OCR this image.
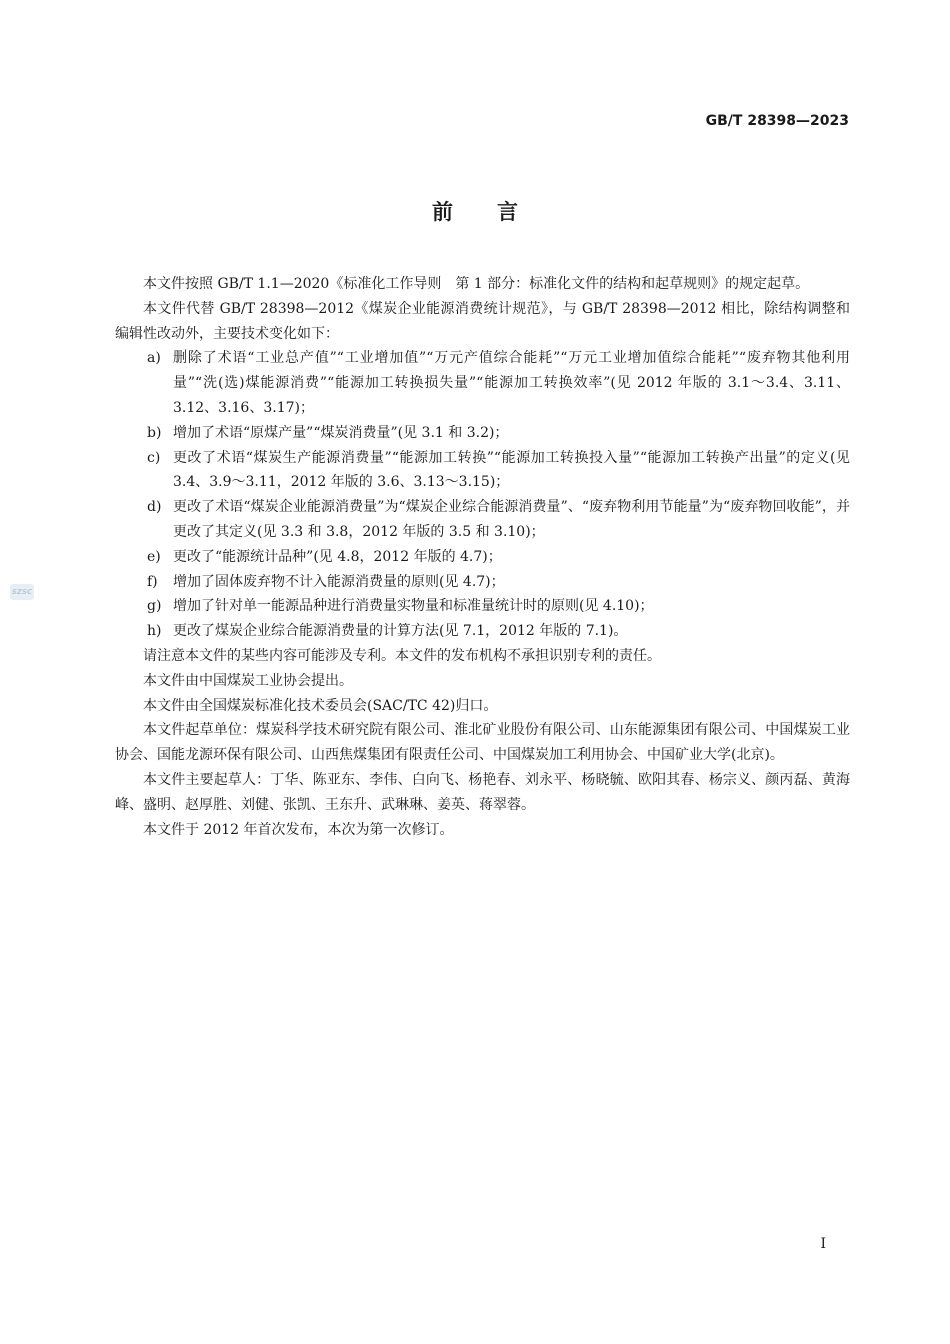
GB/T 28398—2023
前 言
SZSC

本文件按照 GB/T 1.1—2020《标准化工作导则　第 1 部分：标准化文件的结构和起草规则》的规定起草。

本文件代替 GB/T 28398—2012《煤炭企业能源消费统计规范》，与 GB/T 28398—2012 相比，除结构调整和编辑性改动外，主要技术变化如下：

a) 删除了术语“工业总产值”“工业增加值”“万元产值综合能耗”“万元工业增加值综合能耗”“废弃物其他利用量”“洗(选)煤能源消费”“能源加工转换损失量”“能源加工转换效率”(见 2012 年版的 3.1～3.4、3.11、3.12、3.16、3.17)；
b) 增加了术语“原煤产量”“煤炭消费量”(见 3.1 和 3.2)；
c) 更改了术语“煤炭生产能源消费量”“能源加工转换”“能源加工转换投入量”“能源加工转换产出量”的定义(见 3.4、3.9～3.11，2012 年版的 3.6、3.13～3.15)；
d) 更改了术语“煤炭企业能源消费量”为“煤炭企业综合能源消费量”、“废弃物利用节能量”为“废弃物回收能”，并更改了其定义(见 3.3 和 3.8，2012 年版的 3.5 和 3.10)；
e) 更改了“能源统计品种”(见 4.8，2012 年版的 4.7)；
f) 增加了固体废弃物不计入能源消费量的原则(见 4.7)；
g) 增加了针对单一能源品种进行消费量实物量和标准量统计时的原则(见 4.10)；
h) 更改了煤炭企业综合能源消费量的计算方法(见 7.1，2012 年版的 7.1)。

请注意本文件的某些内容可能涉及专利。本文件的发布机构不承担识别专利的责任。

本文件由中国煤炭工业协会提出。

本文件由全国煤炭标准化技术委员会(SAC/TC 42)归口。

本文件起草单位：煤炭科学技术研究院有限公司、淮北矿业股份有限公司、山东能源集团有限公司、中国煤炭工业协会、国能龙源环保有限公司、山西焦煤集团有限责任公司、中国煤炭加工利用协会、中国矿业大学(北京)。

本文件主要起草人：丁华、陈亚东、李伟、白向飞、杨艳春、刘永平、杨晓毓、欧阳其春、杨宗义、颜丙磊、黄海峰、盛明、赵厚胜、刘健、张凯、王东升、武琳琳、姜英、蒋翠蓉。

本文件于 2012 年首次发布，本次为第一次修订。

I
